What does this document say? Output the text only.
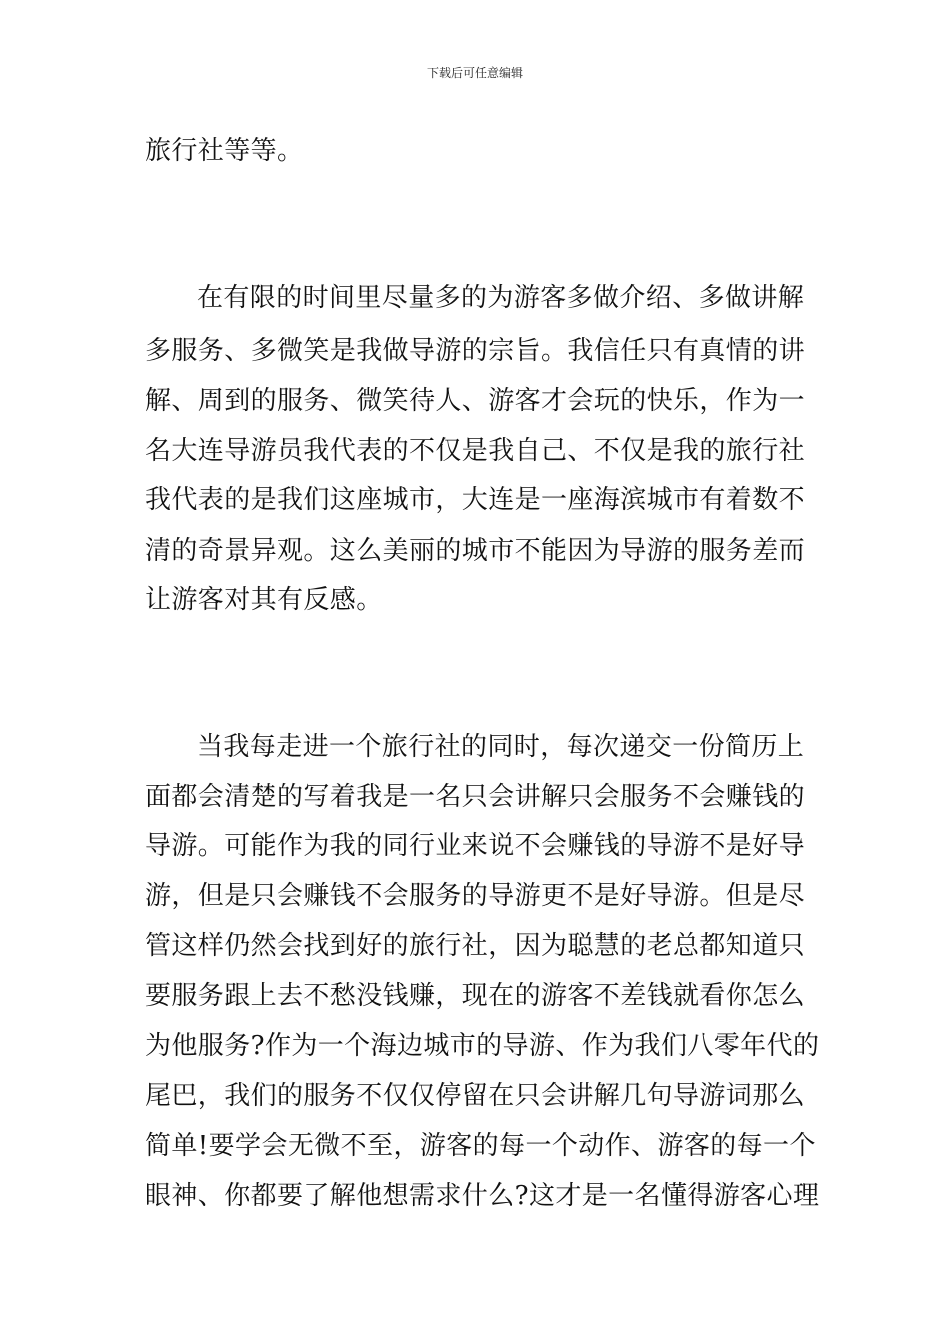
下载后可任意编辑
旅行社等等。
在有限的时间里尽量多的为游客多做介绍、多做讲解
多服务、多微笑是我做导游的宗旨。我信任只有真情的讲
解、周到的服务、微笑待人、游客才会玩的快乐，作为一
名大连导游员我代表的不仅是我自己、不仅是我的旅行社
我代表的是我们这座城市，大连是一座海滨城市有着数不
清的奇景异观。这么美丽的城市不能因为导游的服务差而
让游客对其有反感。
当我每走进一个旅行社的同时，每次递交一份简历上
面都会清楚的写着我是一名只会讲解只会服务不会赚钱的
导游。可能作为我的同行业来说不会赚钱的导游不是好导
游，但是只会赚钱不会服务的导游更不是好导游。但是尽
管这样仍然会找到好的旅行社，因为聪慧的老总都知道只
要服务跟上去不愁没钱赚，现在的游客不差钱就看你怎么
为他服务?作为一个海边城市的导游、作为我们八零年代的
尾巴，我们的服务不仅仅停留在只会讲解几句导游词那么
简单!要学会无微不至，游客的每一个动作、游客的每一个
眼神、你都要了解他想需求什么?这才是一名懂得游客心理
